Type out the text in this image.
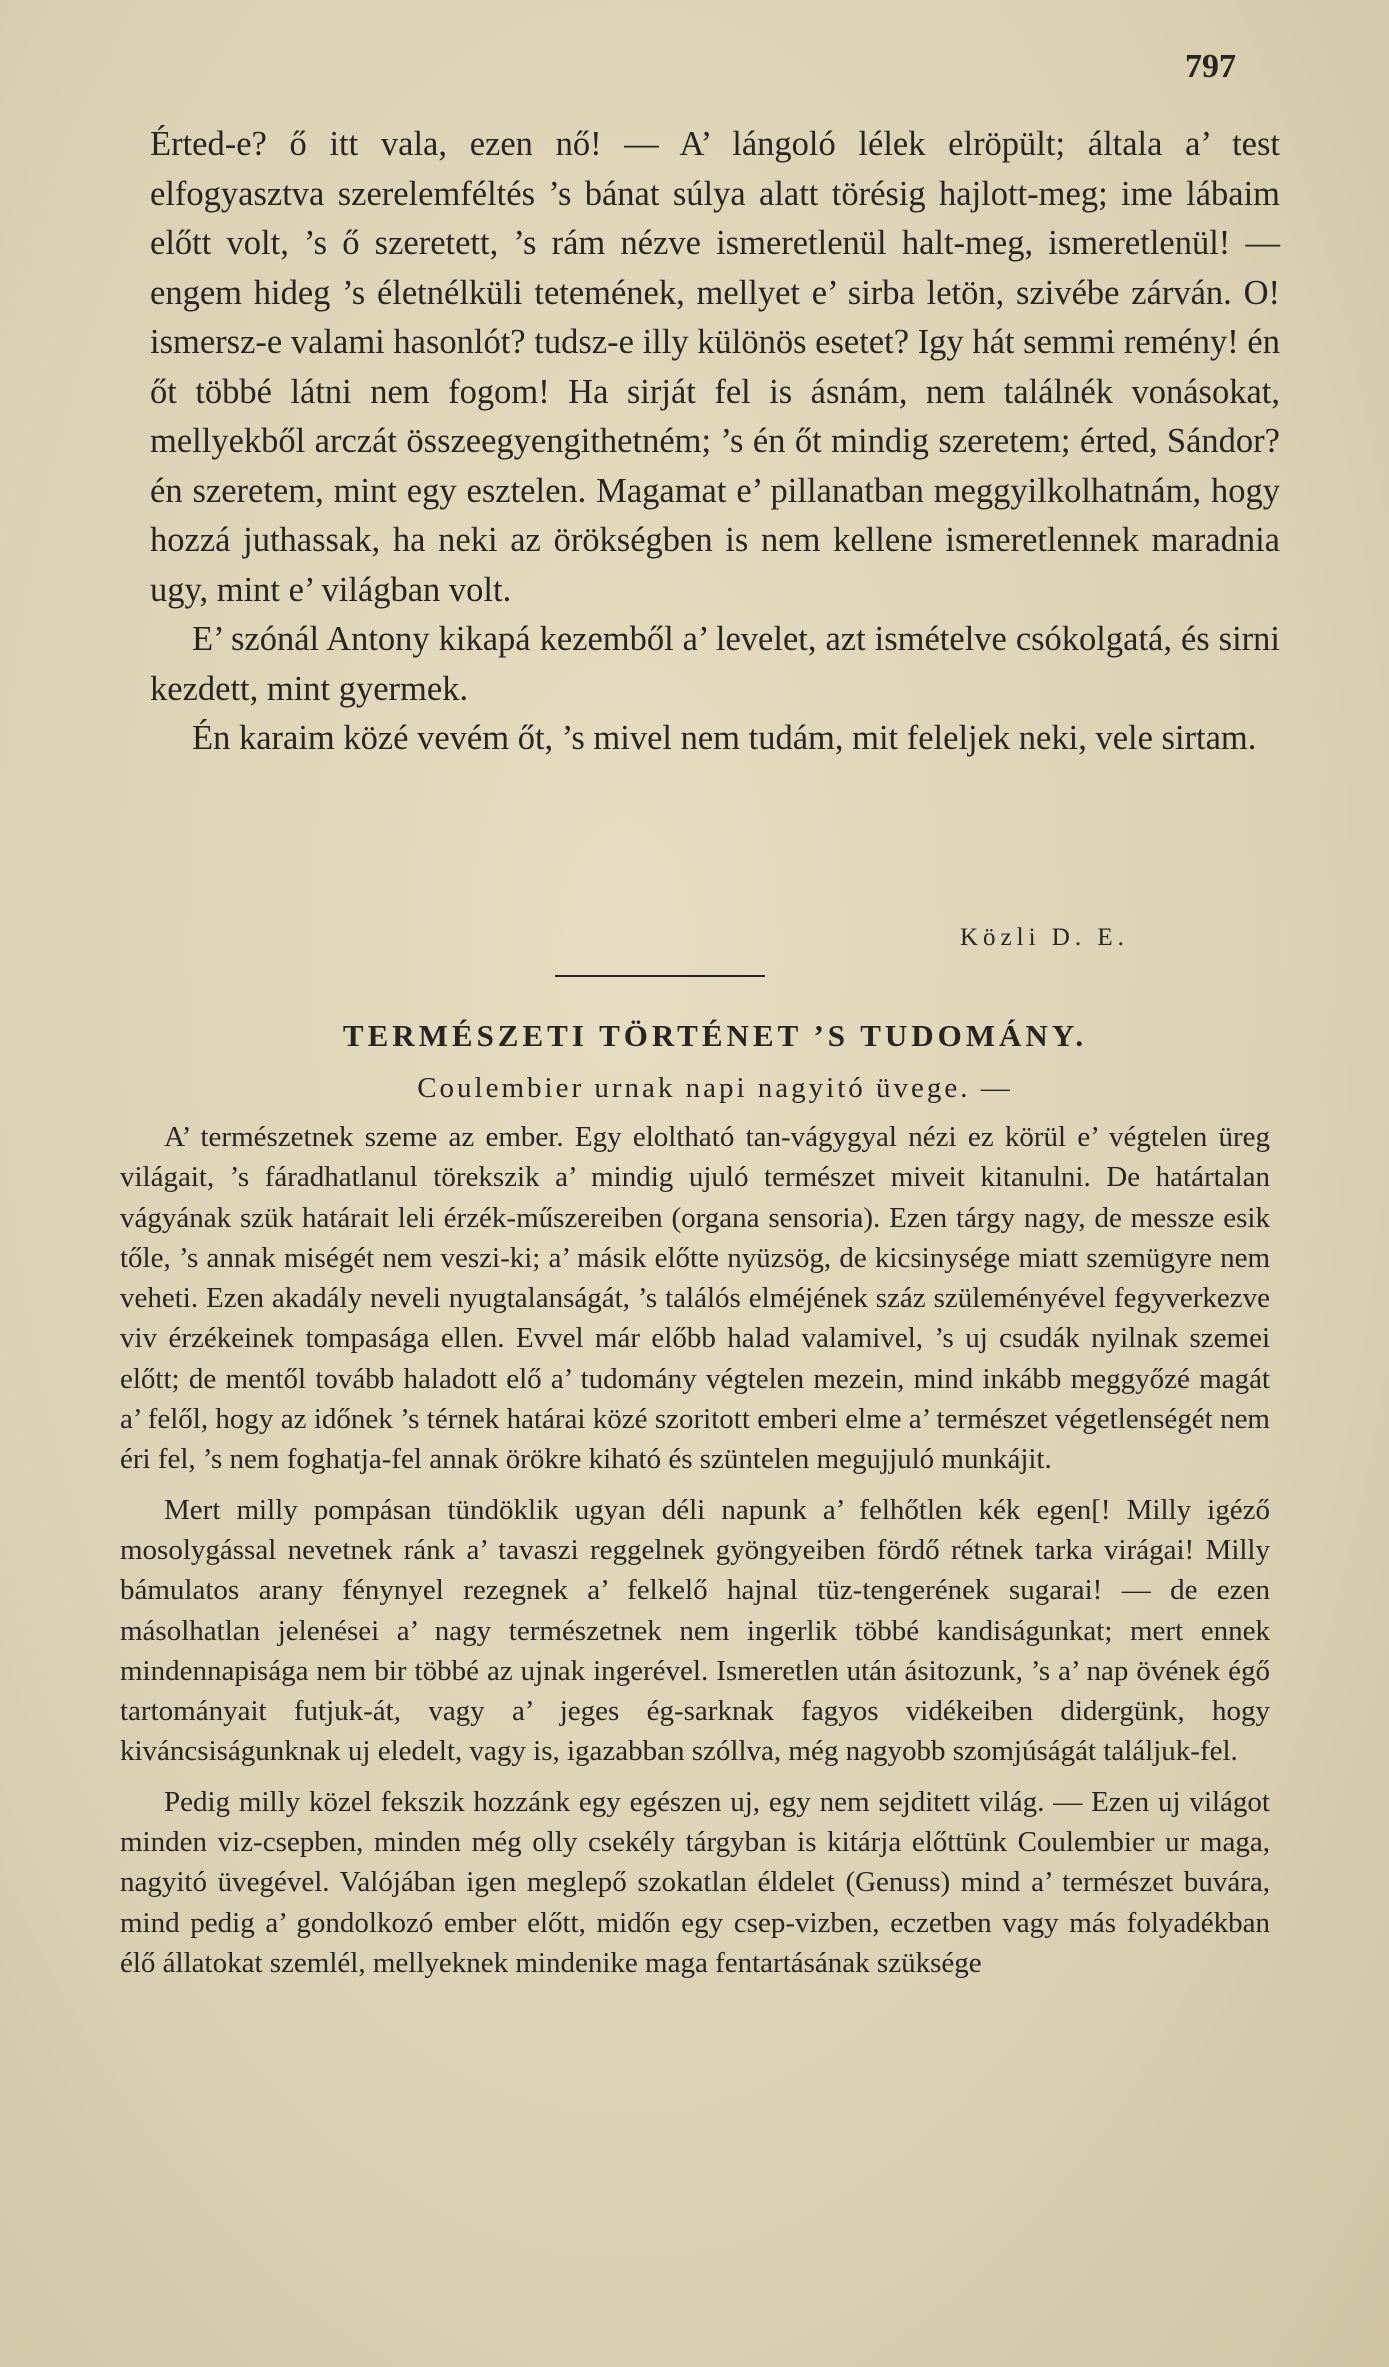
797

Érted-e? ő itt vala, ezen nő! — A’ lángoló lélek elröpült; általa a’ test elfogyasztva szerelemféltés ’s bánat súlya alatt törésig hajlott-meg; ime lábaim előtt volt, ’s ő szeretett, ’s rám nézve ismeretlenül halt-meg, ismeretlenül! — engem hideg ’s életnélküli tetemének, mellyet e’ sirba letön, szivébe zárván. O! ismersz-e valami hasonlót? tudsz-e illy különös esetet? Igy hát semmi remény! én őt többé látni nem fogom! Ha sirját fel is ásnám, nem találnék vonásokat, mellyekből arczát összeegyengithetném; ’s én őt mindig szeretem; érted, Sándor? én szeretem, mint egy esztelen. Magamat e’ pillanatban meggyilkolhatnám, hogy hozzá juthassak, ha neki az örökségben is nem kellene ismeretlennek maradnia ugy, mint e’ világban volt.

E’ szónál Antony kikapá kezemből a’ levelet, azt ismételve csókolgatá, és sirni kezdett, mint gyermek.

Én karaim közé vevém őt, ’s mivel nem tudám, mit feleljek neki, vele sirtam.

Közli D. E.
TERMÉSZETI TÖRTÉNET ’S TUDOMÁNY.
Coulembier urnak napi nagyitó üvege. —

A’ természetnek szeme az ember. Egy eloltható tan-vágygyal nézi ez körül e’ végtelen üreg világait, ’s fáradhatlanul törekszik a’ mindig ujuló természet miveit kitanulni. De határtalan vágyának szük határait leli érzék-műszereiben (organa sensoria). Ezen tárgy nagy, de messze esik tőle, ’s annak miségét nem veszi-ki; a’ másik előtte nyüzsög, de kicsinysége miatt szemügyre nem veheti. Ezen akadály neveli nyugtalanságát, ’s találós elméjének száz szüleményével fegyverkezve viv érzékeinek tompasága ellen. Evvel már előbb halad valamivel, ’s uj csudák nyilnak szemei előtt; de mentől tovább haladott elő a’ tudomány végtelen mezein, mind inkább meggyőzé magát a’ felől, hogy az időnek ’s térnek határai közé szoritott emberi elme a’ természet végetlenségét nem éri fel, ’s nem foghatja-fel annak örökre kiható és szüntelen megujjuló munkájit.

Mert milly pompásan tündöklik ugyan déli napunk a’ felhőtlen kék egen[! Milly igéző mosolygással nevetnek ránk a’ tavaszi reggelnek gyöngyeiben fördő rétnek tarka virágai! Milly bámulatos arany fénynyel rezegnek a’ felkelő hajnal tüz-tengerének sugarai! — de ezen másolhatlan jelenései a’ nagy természetnek nem ingerlik többé kandiságunkat; mert ennek mindennapisága nem bir többé az ujnak ingerével. Ismeretlen után ásitozunk, ’s a’ nap övének égő tartományait futjuk-át, vagy a’ jeges ég-sarknak fagyos vidékeiben didergünk, hogy kiváncsiságunknak uj eledelt, vagy is, igazabban szóllva, még nagyobb szomjúságát találjuk-fel.

Pedig milly közel fekszik hozzánk egy egészen uj, egy nem sejditett világ. — Ezen uj világot minden viz-csepben, minden még olly csekély tárgyban is kitárja előttünk Coulembier ur maga, nagyitó üvegével. Valójában igen meglepő szokatlan éldelet (Genuss) mind a’ természet buvára, mind pedig a’ gondolkozó ember előtt, midőn egy csep-vizben, eczetben vagy más folyadékban élő állatokat szemlél, mellyeknek mindenike maga fentartásának szüksége
